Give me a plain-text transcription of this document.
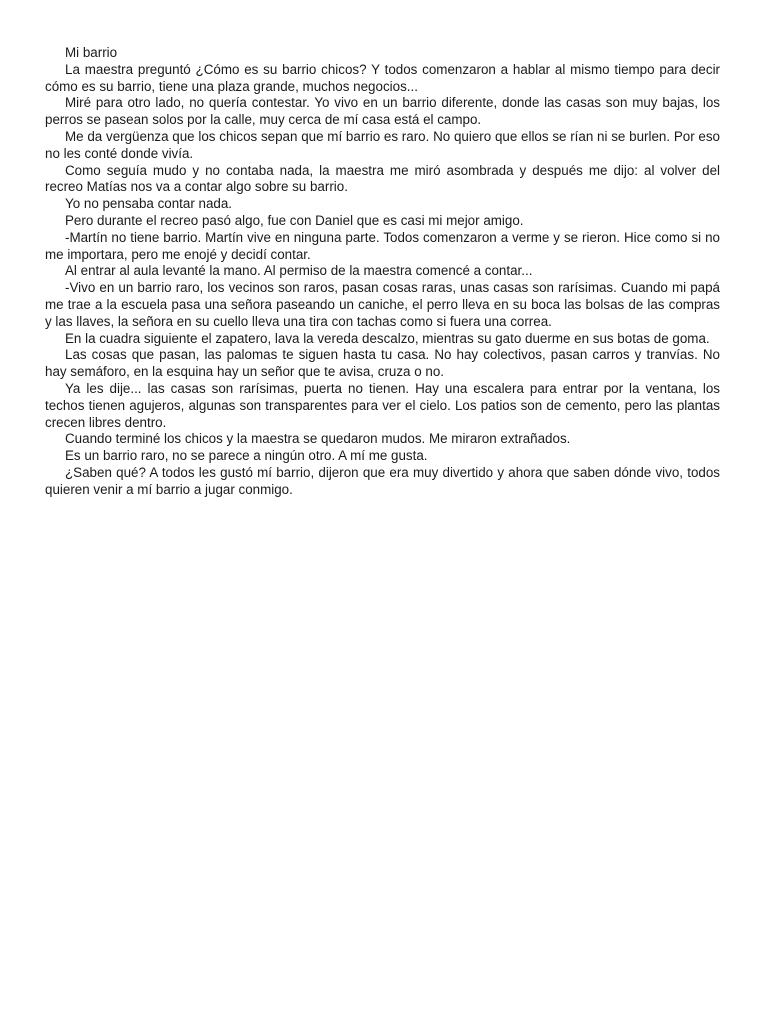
Mi barrio

La maestra preguntó ¿Cómo es su barrio chicos? Y todos comenzaron a hablar al mismo tiempo para decir cómo es su barrio, tiene una plaza grande, muchos negocios...

Miré para otro lado, no quería contestar. Yo vivo en un barrio diferente, donde las casas son muy bajas, los perros se pasean solos por la calle, muy cerca de mí casa está el campo.

Me da vergüenza que los chicos sepan que mí barrio es raro. No quiero que ellos se rían ni se burlen. Por eso no les conté donde vivía.

Como seguía mudo y no contaba nada, la maestra me miró asombrada y después me dijo: al volver del recreo Matías nos va a contar algo sobre su barrio.

Yo no pensaba contar nada.

Pero durante el recreo pasó algo, fue con Daniel que es casi mi mejor amigo.

-Martín no tiene barrio. Martín vive en ninguna parte. Todos comenzaron a verme y se rieron. Hice como si no me importara, pero me enojé y decidí contar.

Al entrar al aula levanté la mano. Al permiso de la maestra comencé a contar...

-Vivo en un barrio raro, los vecinos son raros, pasan cosas raras, unas casas son rarísimas. Cuando mi papá me trae a la escuela pasa una señora paseando un caniche, el perro lleva en su boca las bolsas de las compras y las llaves, la señora en su cuello lleva una tira con tachas como si fuera una correa.

En la cuadra siguiente el zapatero, lava la vereda descalzo, mientras su gato duerme en sus botas de goma.

Las cosas que pasan, las palomas te siguen hasta tu casa. No hay colectivos, pasan carros y tranvías. No hay semáforo, en la esquina hay un señor que te avisa, cruza o no.

Ya les dije... las casas son rarísimas, puerta no tienen. Hay una escalera para entrar por la ventana, los techos tienen agujeros, algunas son transparentes para ver el cielo. Los patios son de cemento, pero las plantas crecen libres dentro.

Cuando terminé los chicos y la maestra se quedaron mudos. Me miraron extrañados.

Es un barrio raro, no se parece a ningún otro. A mí me gusta.

¿Saben qué? A todos les gustó mí barrio, dijeron que era muy divertido y ahora que saben dónde vivo, todos quieren venir a mí barrio a jugar conmigo.
